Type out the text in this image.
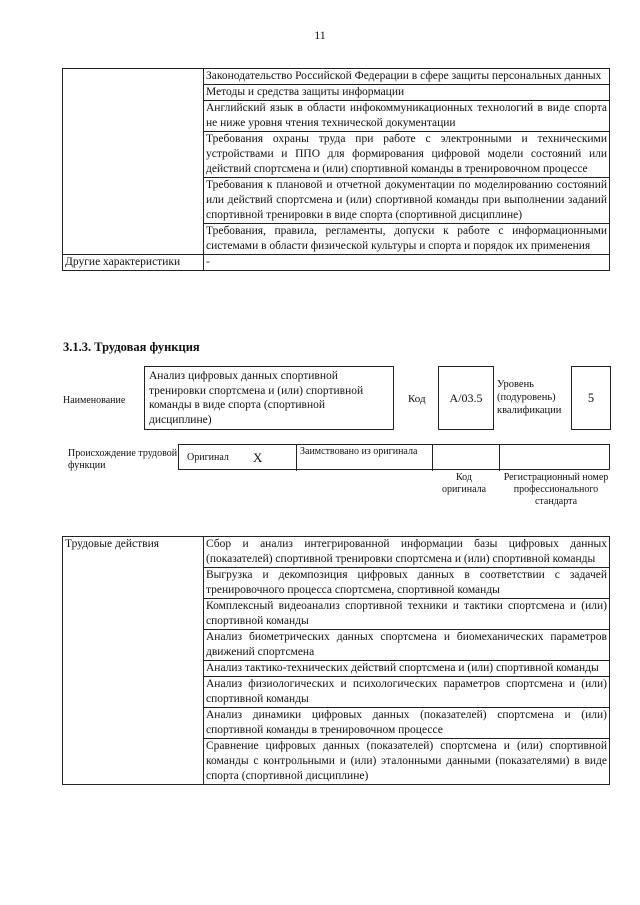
11
	Законодательство Российской Федерации в сфере защиты персональных данных
	Методы и средства защиты информации
	Английский язык в области инфокоммуникационных технологий в виде спорта не ниже уровня чтения технической документации
	Требования охраны труда при работе с электронными и техническими устройствами и ППО для формирования цифровой модели состояний или действий спортсмена и (или) спортивной команды в тренировочном процессе
	Требования к плановой и отчетной документации по моделированию состояний или действий спортсмена и (или) спортивной команды при выполнении заданий спортивной тренировки в виде спорта (спортивной дисциплине)
	Требования, правила, регламенты, допуски к работе с информационными системами в области физической культуры и спорта и порядок их применения
Другие характеристики	-
3.1.3. Трудовая функция
Наименование
Анализ цифровых данных спортивной тренировки спортсмена и (или) спортивной команды в виде спорта (спортивной дисциплине)
Код	А/03.5
Уровень (подуровень) квалификации
5
Происхождение трудовой функции
Оригинал X	Заимствовано из оригинала
Код оригинала
Регистрационный номер профессионального стандарта
Трудовые действия	Сбор и анализ интегрированной информации базы цифровых данных (показателей) спортивной тренировки спортсмена и (или) спортивной команды
Выгрузка и декомпозиция цифровых данных в соответствии с задачей тренировочного процесса спортсмена, спортивной команды
Комплексный видеоанализ спортивной техники и тактики спортсмена и (или) спортивной команды
Анализ биометрических данных спортсмена и биомеханических параметров движений спортсмена
Анализ тактико-технических действий спортсмена и (или) спортивной команды
Анализ физиологических и психологических параметров спортсмена и (или) спортивной команды
Анализ динамики цифровых данных (показателей) спортсмена и (или) спортивной команды в тренировочном процессе
Сравнение цифровых данных (показателей) спортсмена и (или) спортивной команды с контрольными и (или) эталонными данными (показателями) в виде спорта (спортивной дисциплине)
